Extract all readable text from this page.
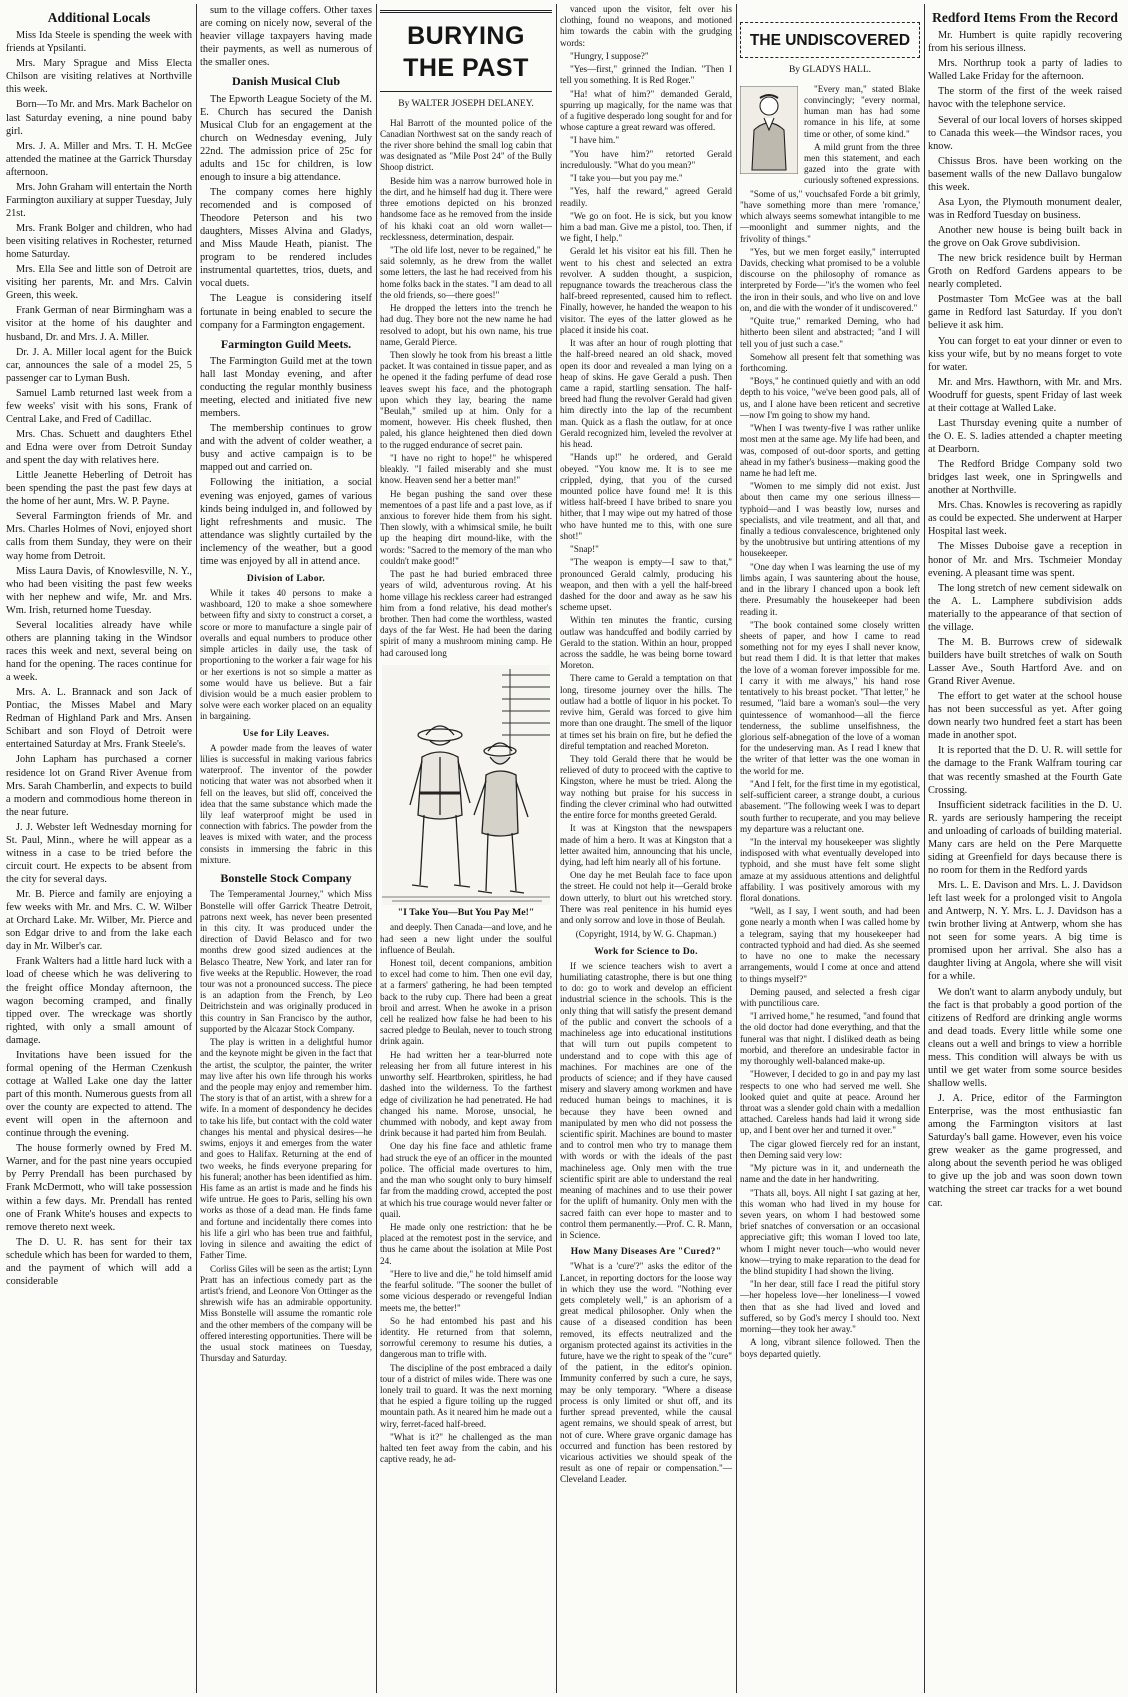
Additional Locals

Miss Ida Steele is spending the week with friends at Ypsilanti.

Mrs. Mary Sprague and Miss Electa Chilson are visiting relatives at Northville this week.

Born—To Mr. and Mrs. Mark Bachelor on last Saturday evening, a nine pound baby girl.

Mrs. J. A. Miller and Mrs. T. H. McGee attended the matinee at the Garrick Thursday afternoon.

Mrs. John Graham will entertain the North Farmington auxiliary at supper Tuesday, July 21st.

Mrs. Frank Bolger and children, who had been visiting relatives in Rochester, returned home Saturday.

Mrs. Ella See and little son of Detroit are visiting her parents, Mr. and Mrs. Calvin Green, this week.

Frank German of near Birmingham was a visitor at the home of his daughter and husband, Dr. and Mrs. J. A. Miller.

Dr. J. A. Miller local agent for the Buick car, announces the sale of a model 25, 5 passenger car to Lyman Bush.

Samuel Lamb returned last week from a few weeks' visit with his sons, Frank of Central Lake, and Fred of Cadillac.

Mrs. Chas. Schuett and daughters Ethel and Edna were over from Detroit Sunday and spent the day with relatives here.

Little Jeanette Heberling of Detroit has been spending the past the past few days at the home of her aunt, Mrs. W. P. Payne.

Several Farmington friends of Mr. and Mrs. Charles Holmes of Novi, enjoyed short calls from them Sunday, they were on their way home from Detroit.

Miss Laura Davis, of Knowlesville, N. Y., who had been visiting the past few weeks with her nephew and wife, Mr. and Mrs. Wm. Irish, returned home Tuesday.

Several localities already have while others are planning taking in the Windsor races this week and next, several being on hand for the opening. The races continue for a week.

Mrs. A. L. Brannack and son Jack of Pontiac, the Misses Mabel and Mary Redman of Highland Park and Mrs. Ansen Schibart and son Floyd of Detroit were entertained Saturday at Mrs. Frank Steele's.

John Lapham has purchased a corner residence lot on Grand River Avenue from Mrs. Sarah Chamberlin, and expects to build a modern and commodious home thereon in the near future.

J. J. Webster left Wednesday morning for St. Paul, Minn., where he will appear as a witness in a case to be tried before the circuit court. He expects to be absent from the city for several days.

Mr. B. Pierce and family are enjoying a few weeks with Mr. and Mrs. C. W. Wilber at Orchard Lake. Mr. Wilber, Mr. Pierce and son Edgar drive to and from the lake each day in Mr. Wilber's car.

Frank Walters had a little hard luck with a load of cheese which he was delivering to the freight office Monday afternoon, the wagon becoming cramped, and finally tipped over. The wreckage was shortly righted, with only a small amount of damage.

Invitations have been issued for the formal opening of the Herman Czenkush cottage at Walled Lake one day the latter part of this month. Numerous guests from all over the county are expected to attend. The event will open in the afternoon and continue through the evening.

The house formerly owned by Fred M. Warner, and for the past nine years occupied by Perry Prendall has been purchased by Frank McDermott, who will take possession within a few days. Mr. Prendall has rented one of Frank White's houses and expects to remove thereto next week.

The D. U. R. has sent for their tax schedule which has been for warded to them, and the payment of which will add a considerable

sum to the village coffers. Other taxes are coming on nicely now, several of the heavier village taxpayers having made their payments, as well as numerous of the smaller ones.

Danish Musical Club

The Epworth League Society of the M. E. Church has secured the Danish Musical Club for an engagement at the church on Wednesday evening, July 22nd. The admission price of 25c for adults and 15c for children, is low enough to insure a big attendance.

The company comes here highly recomended and is composed of Theodore Peterson and his two daughters, Misses Alvina and Gladys, and Miss Maude Heath, pianist. The program to be rendered includes instrumental quartettes, trios, duets, and vocal duets.

The League is considering itself fortunate in being enabled to secure the company for a Farmington engagement.

Farmington Guild Meets.

The Farmington Guild met at the town hall last Monday evening, and after conducting the regular monthly business meeting, elected and initiated five new members.

The membership continues to grow and with the advent of colder weather, a busy and active campaign is to be mapped out and carried on.

Following the initiation, a social evening was enjoyed, games of various kinds being indulged in, and followed by light refreshments and music. The attendance was slightly curtailed by the inclemency of the weather, but a good time was enjoyed by all in attend ance.

Division of Labor.

While it takes 40 persons to make a washboard, 120 to make a shoe somewhere between fifty and sixty to construct a corset, a score or more to manufacture a single pair of overalls and equal numbers to produce other simple articles in daily use, the task of proportioning to the worker a fair wage for his or her exertions is not so simple a matter as some would have us believe. But a fair division would be a much easier problem to solve were each worker placed on an equality in bargaining.

Use for Lily Leaves.

A powder made from the leaves of water lilies is successful in making various fabrics waterproof. The inventor of the powder noticing that water was not absorbed when it fell on the leaves, but slid off, conceived the idea that the same substance which made the lily leaf waterproof might be used in connection with fabrics. The powder from the leaves is mixed with water, and the process consists in immersing the fabric in this mixture.

Bonstelle Stock Company

The Temperamental Journey," which Miss Bonstelle will offer Garrick Theatre Detroit, patrons next week, has never been presented in this city. It was produced under the direction of David Belasco and for two months drew good sized audiences at the Belasco Theatre, New York, and later ran for five weeks at the Republic. However, the road tour was not a pronounced success. The piece is an adaption from the French, by Leo Deitrichstein and was originally produced in this country in San Francisco by the author, supported by the Alcazar Stock Company.

The play is written in a delightful humor and the keynote might be given in the fact that the artist, the sculptor, the painter, the writer may live after his own life through his works and the people may enjoy and remember him. The story is that of an artist, with a shrew for a wife. In a moment of despondency he decides to take his life, but contact with the cold water changes his mental and physical desires—he swims, enjoys it and emerges from the water and goes to Halifax. Returning at the end of two weeks, he finds everyone preparing for his funeral; another has been identified as him. His fame as an artist is made and he finds his wife untrue. He goes to Paris, selling his own works as those of a dead man. He finds fame and fortune and incidentally there comes into his life a girl who has been true and faithful, loving in silence and awaiting the edict of Father Time.

Corliss Giles will be seen as the artist; Lynn Pratt has an infectious comedy part as the artist's friend, and Leonore Von Ottinger as the shrewish wife has an admirable opportunity. Miss Bonstelle will assume the romantic role and the other members of the company will be offered interesting opportunities. There will be the usual stock matinees on Tuesday, Thursday and Saturday.

BURYING THE PAST
By WALTER JOSEPH DELANEY.

Hal Barrott of the mounted police of the Canadian Northwest sat on the sandy reach of the river shore behind the small log cabin that was designated as "Mile Post 24" of the Bully Shoop district.

Beside him was a narrow burrowed hole in the dirt, and he himself had dug it. There were three emotions depicted on his bronzed handsome face as he removed from the inside of his khaki coat an old worn wallet—recklessness, determination, despair.

"The old life lost, never to be regained," he said solemnly, as he drew from the wallet some letters, the last he had received from his home folks back in the states. "I am dead to all the old friends, so—there goes!"

He dropped the letters into the trench he had dug. They bore not the new name he had resolved to adopt, but his own name, his true name, Gerald Pierce.

Then slowly he took from his breast a little packet. It was contained in tissue paper, and as he opened it the fading perfume of dead rose leaves swept his face, and the photograph upon which they lay, bearing the name "Beulah," smiled up at him. Only for a moment, however. His cheek flushed, then paled, his glance heightened then died down to the rugged endurance of secret pain.

"I have no right to hope!" he whispered bleakly. "I failed miserably and she must know. Heaven send her a better man!"

He began pushing the sand over these mementoes of a past life and a past love, as if anxious to forever hide them from his sight. Then slowly, with a whimsical smile, he built up the heaping dirt mound-like, with the words: "Sacred to the memory of the man who couldn't make good!"

The past he had buried embraced three years of wild, adventurous roving. At his home village his reckless career had estranged him from a fond relative, his dead mother's brother. Then had come the worthless, wasted days of the far West. He had been the daring spirit of many a mushroom mining camp. He had caroused long

"I Take You—But You Pay Me!"

and deeply. Then Canada—and love, and he had seen a new light under the soulful influence of Beulah.

Honest toil, decent companions, ambition to excel had come to him. Then one evil day, at a farmers' gathering, he had been tempted back to the ruby cup. There had been a great broil and arrest. When he awoke in a prison cell he realized how false he had been to his sacred pledge to Beulah, never to touch strong drink again.

He had written her a tear-blurred note releasing her from all future interest in his unworthy self. Heartbroken, spiritless, he had dashed into the wilderness. To the farthest edge of civilization he had penetrated. He had changed his name. Morose, unsocial, he chummed with nobody, and kept away from drink because it had parted him from Beulah.

One day his fine face and athletic frame had struck the eye of an officer in the mounted police. The official made overtures to him, and the man who sought only to bury himself far from the madding crowd, accepted the post at which his true courage would never falter or quail.

He made only one restriction: that he be placed at the remotest post in the service, and thus he came about the isolation at Mile Post 24.

"Here to live and die," he told himself amid the fearful solitude. "The sooner the bullet of some vicious desperado or revengeful Indian meets me, the better!"

So he had entombed his past and his identity. He returned from that solemn, sorrowful ceremony to resume his duties, a dangerous man to trifle with.

The discipline of the post embraced a daily tour of a district of miles wide. There was one lonely trail to guard. It was the next morning that he espied a figure toiling up the rugged mountain path. As it neared him he made out a wiry, ferret-faced half-breed.

"What is it?" he challenged as the man halted ten feet away from the cabin, and his captive ready, he ad-

vanced upon the visitor, felt over his clothing, found no weapons, and motioned him towards the cabin with the grudging words:

"Hungry, I suppose?"

"Yes—first," grinned the Indian. "Then I tell you something. It is Red Roger."

"Ha! what of him?" demanded Gerald, spurring up magically, for the name was that of a fugitive desperado long sought for and for whose capture a great reward was offered.

"I have him."

"You have him?" retorted Gerald incredulously. "What do you mean?"

"I take you—but you pay me."

"Yes, half the reward," agreed Gerald readily.

"We go on foot. He is sick, but you know him a bad man. Give me a pistol, too. Then, if we fight, I help."

Gerald let his visitor eat his fill. Then he went to his chest and selected an extra revolver. A sudden thought, a suspicion, repugnance towards the treacherous class the half-breed represented, caused him to reflect. Finally, however, he handed the weapon to his visitor. The eyes of the latter glowed as he placed it inside his coat.

It was after an hour of rough plotting that the half-breed neared an old shack, moved open its door and revealed a man lying on a heap of skins. He gave Gerald a push. Then came a rapid, startling sensation. The half-breed had flung the revolver Gerald had given him directly into the lap of the recumbent man. Quick as a flash the outlaw, for at once Gerald recognized him, leveled the revolver at his head.

"Hands up!" he ordered, and Gerald obeyed. "You know me. It is to see me crippled, dying, that you of the cursed mounted police have found me! It is this witless half-breed I have bribed to snare you hither, that I may wipe out my hatred of those who have hunted me to this, with one sure shot!"

"Snap!"

"The weapon is empty—I saw to that," pronounced Gerald calmly, producing his weapon, and then with a yell the half-breed dashed for the door and away as he saw his scheme upset.

Within ten minutes the frantic, cursing outlaw was handcuffed and bodily carried by Gerald to the station. Within an hour, propped across the saddle, he was being borne toward Moreton.

There came to Gerald a temptation on that long, tiresome journey over the hills. The outlaw had a bottle of liquor in his pocket. To revive him, Gerald was forced to give him more than one draught. The smell of the liquor at times set his brain on fire, but he defied the direful temptation and reached Moreton.

They told Gerald there that he would be relieved of duty to proceed with the captive to Kingston, where he must be tried. Along the way nothing but praise for his success in finding the clever criminal who had outwitted the entire force for months greeted Gerald.

It was at Kingston that the newspapers made of him a hero. It was at Kingston that a letter awaited him, announcing that his uncle, dying, had left him nearly all of his fortune.

One day he met Beulah face to face upon the street. He could not help it—Gerald broke down utterly, to blurt out his wretched story. There was real penitence in his humid eyes and only sorrow and love in those of Beulah.

(Copyright, 1914, by W. G. Chapman.)
Work for Science to Do.

If we science teachers wish to avert a humiliating catastrophe, there is but one thing to do: go to work and develop an efficient industrial science in the schools. This is the only thing that will satisfy the present demand of the public and convert the schools of a machineless age into educational institutions that will turn out pupils competent to understand and to cope with this age of machines. For machines are one of the products of science; and if they have caused misery and slavery among workmen and have reduced human beings to machines, it is because they have been owned and manipulated by men who did not possess the scientific spirit. Machines are bound to master and to control men who try to manage them with words or with the ideals of the past machineless age. Only men with the true scientific spirit are able to understand the real meaning of machines and to use their power for the uplift of humanity. Only men with the sacred faith can ever hope to master and to control them permanently.—Prof. C. R. Mann, in Science.

How Many Diseases Are "Cured?"

"What is a 'cure'?" asks the editor of the Lancet, in reporting doctors for the loose way in which they use the word. "Nothing ever gets completely well," is an aphorism of a great medical philosopher. Only when the cause of a diseased condition has been removed, its effects neutralized and the organism protected against its activities in the future, have we the right to speak of the "cure" of the patient, in the editor's opinion. Immunity conferred by such a cure, he says, may be only temporary. "Where a disease process is only limited or shut off, and its further spread prevented, while the causal agent remains, we should speak of arrest, but not of cure. Where grave organic damage has occurred and function has been restored by vicarious activities we should speak of the result as one of repair or compensation."—Cleveland Leader.

THE UNDISCOVERED
By GLADYS HALL.

"Every man," stated Blake convincingly; "every normal, human man has had some romance in his life, at some time or other, of some kind."

A mild grunt from the three men this statement, and each gazed into the grate with curiously softened expressions.

"Some of us," vouchsafed Forde a bit grimly, "have something more than mere 'romance,' which always seems somewhat intangible to me—moonlight and summer nights, and the frivolity of things."

"Yes, but we men forget easily," interrupted Davids, checking what promised to be a voluble discourse on the philosophy of romance as interpreted by Forde—"it's the women who feel the iron in their souls, and who live on and love on, and die with the wonder of it undiscovered."

"Quite true," remarked Deming, who had hitherto been silent and abstracted; "and I will tell you of just such a case."

Somehow all present felt that something was forthcoming.

"Boys," he continued quietly and with an odd depth to his voice, "we've been good pals, all of us, and I alone have been reticent and secretive—now I'm going to show my hand.

"When I was twenty-five I was rather unlike most men at the same age. My life had been, and was, composed of out-door sports, and getting ahead in my father's business—making good the name he had left me.

"Women to me simply did not exist. Just about then came my one serious illness—typhoid—and I was beastly low, nurses and specialists, and vile treatment, and all that, and finally a tedious convalescence, brightened only by the unobtrusive but untiring attentions of my housekeeper.

"One day when I was learning the use of my limbs again, I was sauntering about the house, and in the library I chanced upon a book left there. Presumably the housekeeper had been reading it.

"The book contained some closely written sheets of paper, and how I came to read something not for my eyes I shall never know, but read them I did. It is that letter that makes the love of a woman forever impossible for me. I carry it with me always," his hand rose tentatively to his breast pocket. "That letter," he resumed, "laid bare a woman's soul—the very quintessence of womanhood—all the fierce tenderness, the sublime unselfishness, the glorious self-abnegation of the love of a woman for the undeserving man. As I read I knew that the writer of that letter was the one woman in the world for me.

"And I felt, for the first time in my egotistical, self-sufficient career, a strange doubt, a curious abasement. "The following week I was to depart south further to recuperate, and you may believe my departure was a reluctant one.

"In the interval my housekeeper was slightly indisposed with what eventually developed into typhoid, and she must have felt some slight amaze at my assiduous attentions and delightful affability. I was positively amorous with my floral donations.

"Well, as I say, I went south, and had been gone nearly a month when I was called home by a telegram, saying that my housekeeper had contracted typhoid and had died. As she seemed to have no one to make the necessary arrangements, would I come at once and attend to things myself?"

Deming paused, and selected a fresh cigar with punctilious care.

"I arrived home," he resumed, "and found that the old doctor had done everything, and that the funeral was that night. I disliked death as being morbid, and therefore an undesirable factor in my thoroughly well-balanced make-up.

"However, I decided to go in and pay my last respects to one who had served me well. She looked quiet and quite at peace. Around her throat was a slender gold chain with a medallion attached. Careless hands had laid it wrong side up, and I bent over her and turned it over."

The cigar glowed fiercely red for an instant, then Deming said very low:

"My picture was in it, and underneath the name and the date in her handwriting.

"Thats all, boys. All night I sat gazing at her, this woman who had lived in my house for seven years, on whom I had bestowed some brief snatches of conversation or an occasional appreciative gift; this woman I loved too late, whom I might never touch—who would never know—trying to make reparation to the dead for the blind stupidity I had shown the living.

"In her dear, still face I read the pitiful story—her hopeless love—her loneliness—I vowed then that as she had lived and loved and suffered, so by God's mercy I should too. Next morning—they took her away."

A long, vibrant silence followed. Then the boys departed quietly.

Redford Items From the Record

Mr. Humbert is quite rapidly recovering from his serious illness.

Mrs. Northrup took a party of ladies to Walled Lake Friday for the afternoon.

The storm of the first of the week raised havoc with the telephone service.

Several of our local lovers of horses skipped to Canada this week—the Windsor races, you know.

Chissus Bros. have been working on the basement walls of the new Dallavo bungalow this week.

Asa Lyon, the Plymouth monument dealer, was in Redford Tuesday on business.

Another new house is being built back in the grove on Oak Grove subdivision.

The new brick residence built by Herman Groth on Redford Gardens appears to be nearly completed.

Postmaster Tom McGee was at the ball game in Redford last Saturday. If you don't believe it ask him.

You can forget to eat your dinner or even to kiss your wife, but by no means forget to vote for water.

Mr. and Mrs. Hawthorn, with Mr. and Mrs. Woodruff for guests, spent Friday of last week at their cottage at Walled Lake.

Last Thursday evening quite a number of the O. E. S. ladies attended a chapter meeting at Dearborn.

The Redford Bridge Company sold two bridges last week, one in Springwells and another at Northville.

Mrs. Chas. Knowles is recovering as rapidly as could be expected. She underwent at Harper Hospital last week.

The Misses Duboise gave a reception in honor of Mr. and Mrs. Tschmeier Monday evening. A pleasant time was spent.

The long stretch of new cement sidewalk on the A. L. Lamphere subdivision adds materially to the appearance of that section of the village.

The M. B. Burrows crew of sidewalk builders have built stretches of walk on South Lasser Ave., South Hartford Ave. and on Grand River Avenue.

The effort to get water at the school house has not been successful as yet. After going down nearly two hundred feet a start has been made in another spot.

It is reported that the D. U. R. will settle for the damage to the Frank Walfram touring car that was recently smashed at the Fourth Gate Crossing.

Insufficient sidetrack facilities in the D. U. R. yards are seriously hampering the receipt and unloading of carloads of building material. Many cars are held on the Pere Marquette siding at Greenfield for days because there is no room for them in the Redford yards

Mrs. L. E. Davison and Mrs. L. J. Davidson left last week for a prolonged visit to Angola and Antwerp, N. Y. Mrs. L. J. Davidson has a twin brother living at Antwerp, whom she has not seen for some years. A big time is promised upon her arrival. She also has a daughter living at Angola, where she will visit for a while.

We don't want to alarm anybody unduly, but the fact is that probably a good portion of the citizens of Redford are drinking angle worms and dead toads. Every little while some one cleans out a well and brings to view a horrible mess. This condition will always be with us until we get water from some source besides shallow wells.

J. A. Price, editor of the Farmington Enterprise, was the most enthusiastic fan among the Farmington visitors at last Saturday's ball game. However, even his voice grew weaker as the game progressed, and along about the seventh period he was obliged to give up the job and was soon down town watching the street car tracks for a wet bound car.
